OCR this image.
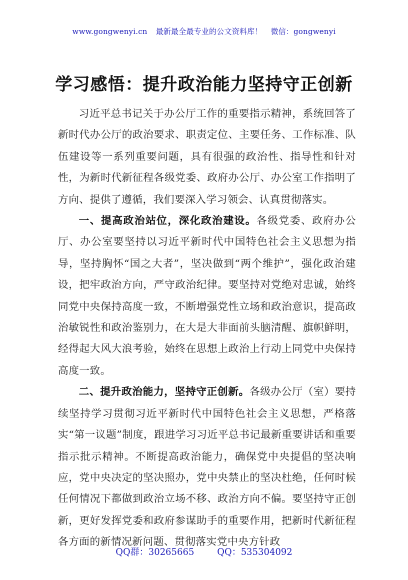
www.gongwenyi.cn 最新最全最专业的公文资料库！ 微信：gongwenyi
学习感悟：提升政治能力坚持守正创新

习近平总书记关于办公厅工作的重要指示精神，系统回答了新时代办公厅的政治要求、职责定位、主要任务、工作标准、队伍建设等一系列重要问题，具有很强的政治性、指导性和针对性，为新时代新征程各级党委、政府办公厅、办公室工作指明了方向、提供了遵循，我们要深入学习领会、认真贯彻落实。

一、提高政治站位，深化政治建设。各级党委、政府办公厅、办公室要坚持以习近平新时代中国特色社会主义思想为指导，坚持胸怀“国之大者”，坚决做到“两个维护”，强化政治建设，把牢政治方向，严守政治纪律。要坚持对党绝对忠诚，始终同党中央保持高度一致，不断增强党性立场和政治意识，提高政治敏锐性和政治鉴别力，在大是大非面前头脑清醒、旗帜鲜明，经得起大风大浪考验，始终在思想上政治上行动上同党中央保持高度一致。

二、提升政治能力，坚持守正创新。各级办公厅（室）要持续坚持学习贯彻习近平新时代中国特色社会主义思想，严格落实“第一议题”制度，跟进学习习近平总书记最新重要讲话和重要指示批示精神。不断提高政治能力，确保党中央提倡的坚决响应，党中央决定的坚决照办，党中央禁止的坚决杜绝，任何时候任何情况下都做到政治立场不移、政治方向不偏。要坚持守正创新，更好发挥党委和政府参谋助手的重要作用，把新时代新征程各方面的新情况新问题、贯彻落实党中央方针政

QQ群：30265665	QQ：535304092
